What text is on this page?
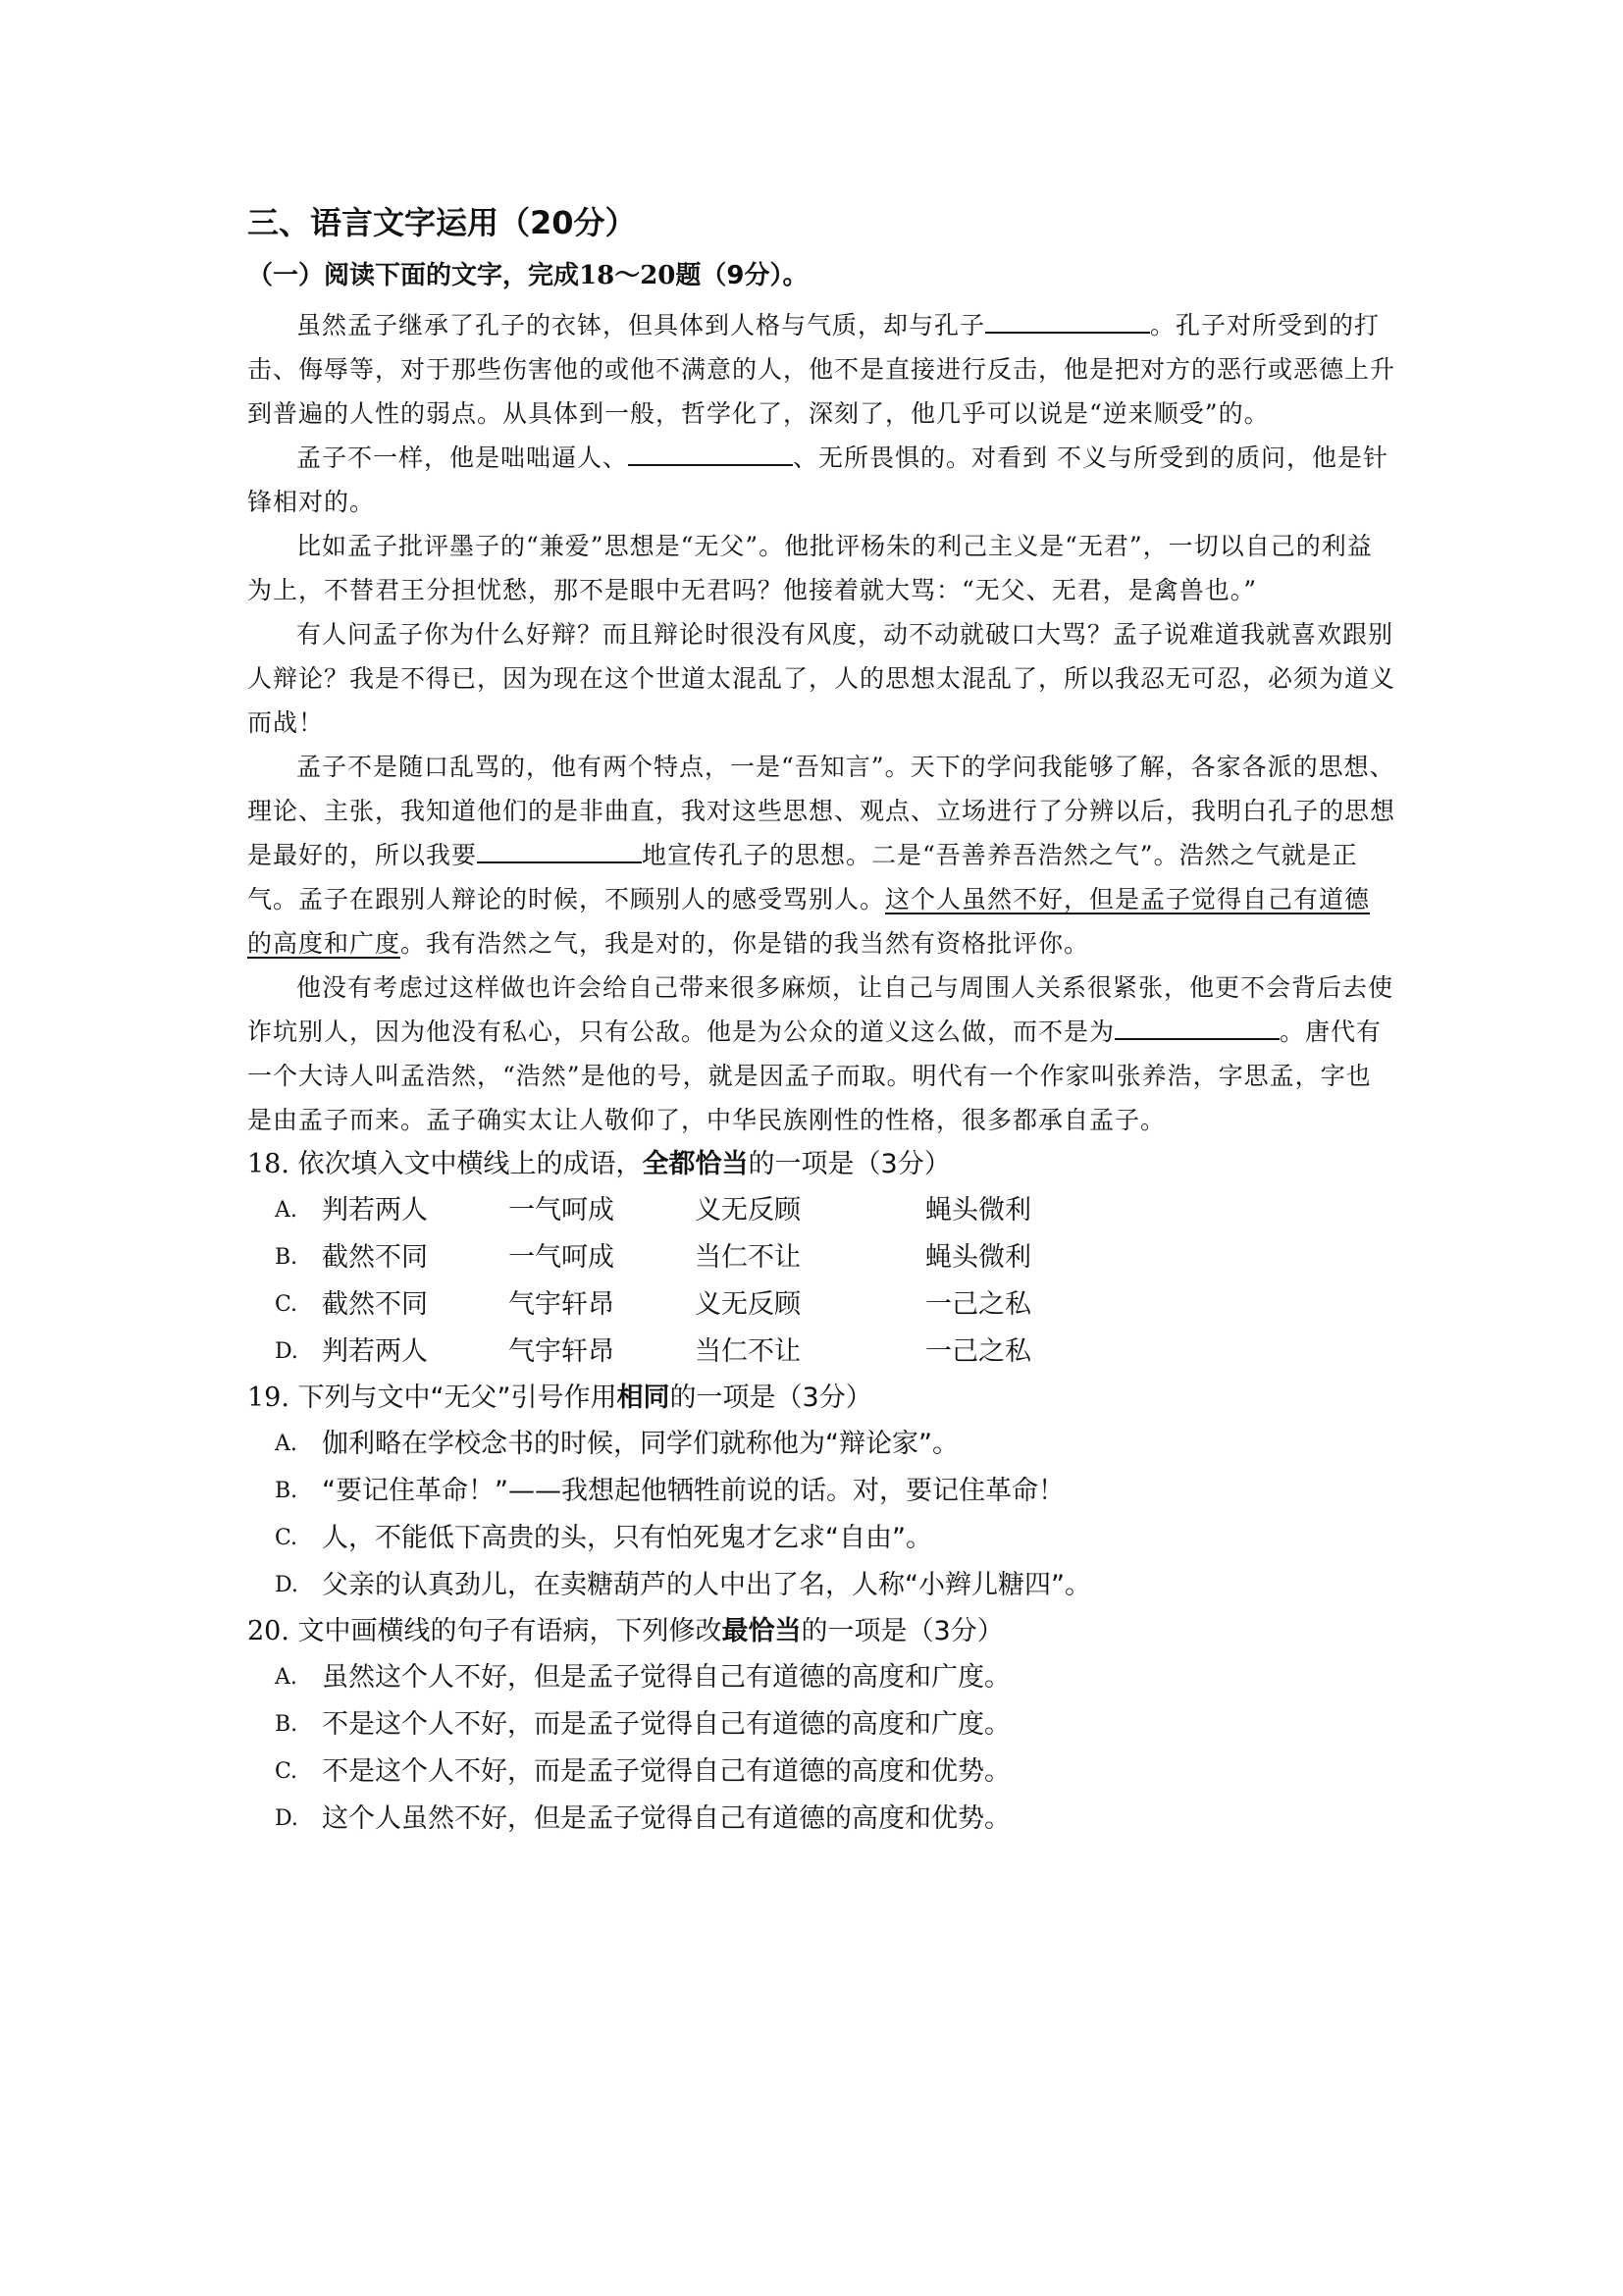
三、语言文字运用（20分）
（一）阅读下面的文字，完成18～20题（9分）。

虽然孟子继承了孔子的衣钵，但具体到人格与气质，却与孔子	。孔子对所受到的打击、侮辱等，对于那些伤害他的或他不满意的人，他不是直接进行反击，他是把对方的恶行或恶德上升到普遍的人性的弱点。从具体到一般，哲学化了，深刻了，他几乎可以说是“逆来顺受”的。

孟子不一样，他是咄咄逼人、	、无所畏惧的。对看到 不义与所受到的质问，他是针锋相对的。

比如孟子批评墨子的“兼爱”思想是“无父”。他批评杨朱的利己主义是“无君”，一切以自己的利益为上，不替君王分担忧愁，那不是眼中无君吗？他接着就大骂：“无父、无君，是禽兽也。”

有人问孟子你为什么好辩？而且辩论时很没有风度，动不动就破口大骂？孟子说难道我就喜欢跟别人辩论？我是不得已，因为现在这个世道太混乱了，人的思想太混乱了，所以我忍无可忍，必须为道义而战！

孟子不是随口乱骂的，他有两个特点，一是“吾知言”。天下的学问我能够了解，各家各派的思想、理论、主张，我知道他们的是非曲直，我对这些思想、观点、立场进行了分辨以后，我明白孔子的思想是最好的，所以我要	地宣传孔子的思想。二是“吾善养吾浩然之气”。浩然之气就是正气。孟子在跟别人辩论的时候，不顾别人的感受骂别人。这个人虽然不好，但是孟子觉得自己有道德的高度和广度。我有浩然之气，我是对的，你是错的我当然有资格批评你。

他没有考虑过这样做也许会给自己带来很多麻烦，让自己与周围人关系很紧张，他更不会背后去使诈坑别人，因为他没有私心，只有公敌。他是为公众的道义这么做，而不是为	。唐代有一个大诗人叫孟浩然，“浩然”是他的号，就是因孟子而取。明代有一个作家叫张养浩，字思孟，字也是由孟子而来。孟子确实太让人敬仰了，中华民族刚性的性格，很多都承自孟子。

18. 依次填入文中横线上的成语，全都恰当的一项是（3分）

A. 判若两人	一气呵成	义无反顾	蝇头微利
B. 截然不同	一气呵成	当仁不让	蝇头微利
C. 截然不同	气宇轩昂	义无反顾	一己之私
D. 判若两人	气宇轩昂	当仁不让	一己之私

19. 下列与文中“无父”引号作用相同的一项是（3分）

A. 伽利略在学校念书的时候，同学们就称他为“辩论家”。
B. “要记住革命！”——我想起他牺牲前说的话。对，要记住革命！
C. 人，不能低下高贵的头，只有怕死鬼才乞求“自由”。
D. 父亲的认真劲儿，在卖糖葫芦的人中出了名，人称“小辫儿糖四”。

20. 文中画横线的句子有语病，下列修改最恰当的一项是（3分）

A. 虽然这个人不好，但是孟子觉得自己有道德的高度和广度。
B. 不是这个人不好，而是孟子觉得自己有道德的高度和广度。
C. 不是这个人不好，而是孟子觉得自己有道德的高度和优势。
D. 这个人虽然不好，但是孟子觉得自己有道德的高度和优势。
